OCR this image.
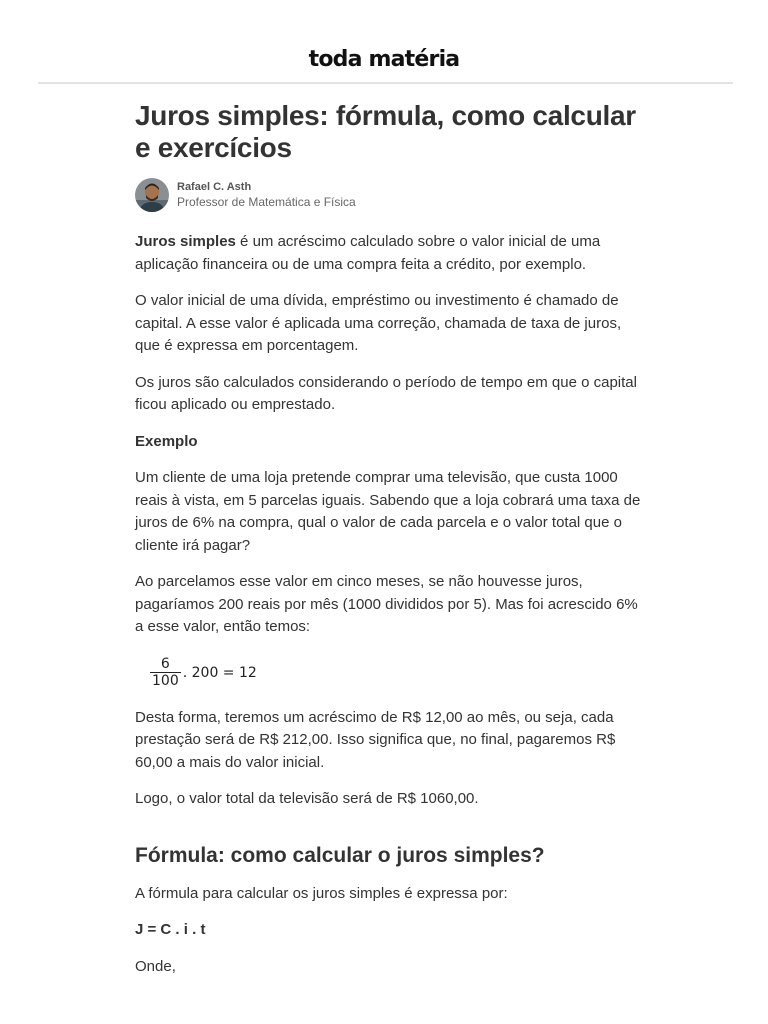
toda matéria
Juros simples: fórmula, como calcular e exercícios
Rafael C. Asth
Professor de Matemática e Física

Juros simples é um acréscimo calculado sobre o valor inicial de uma aplicação financeira ou de uma compra feita a crédito, por exemplo.

O valor inicial de uma dívida, empréstimo ou investimento é chamado de capital. A esse valor é aplicada uma correção, chamada de taxa de juros, que é expressa em porcentagem.

Os juros são calculados considerando o período de tempo em que o capital ficou aplicado ou emprestado.

Exemplo

Um cliente de uma loja pretende comprar uma televisão, que custa 1000 reais à vista, em 5 parcelas iguais. Sabendo que a loja cobrará uma taxa de juros de 6% na compra, qual o valor de cada parcela e o valor total que o cliente irá pagar?

Ao parcelamos esse valor em cinco meses, se não houvesse juros, pagaríamos 200 reais por mês (1000 divididos por 5). Mas foi acrescido 6% a esse valor, então temos:

$\frac{6}{100}$ . 200 = 12

Desta forma, teremos um acréscimo de R$ 12,00 ao mês, ou seja, cada prestação será de R$ 212,00. Isso significa que, no final, pagaremos R$ 60,00 a mais do valor inicial.

Logo, o valor total da televisão será de R$ 1060,00.

Fórmula: como calcular o juros simples?

A fórmula para calcular os juros simples é expressa por:

J = C . i . t

Onde,
